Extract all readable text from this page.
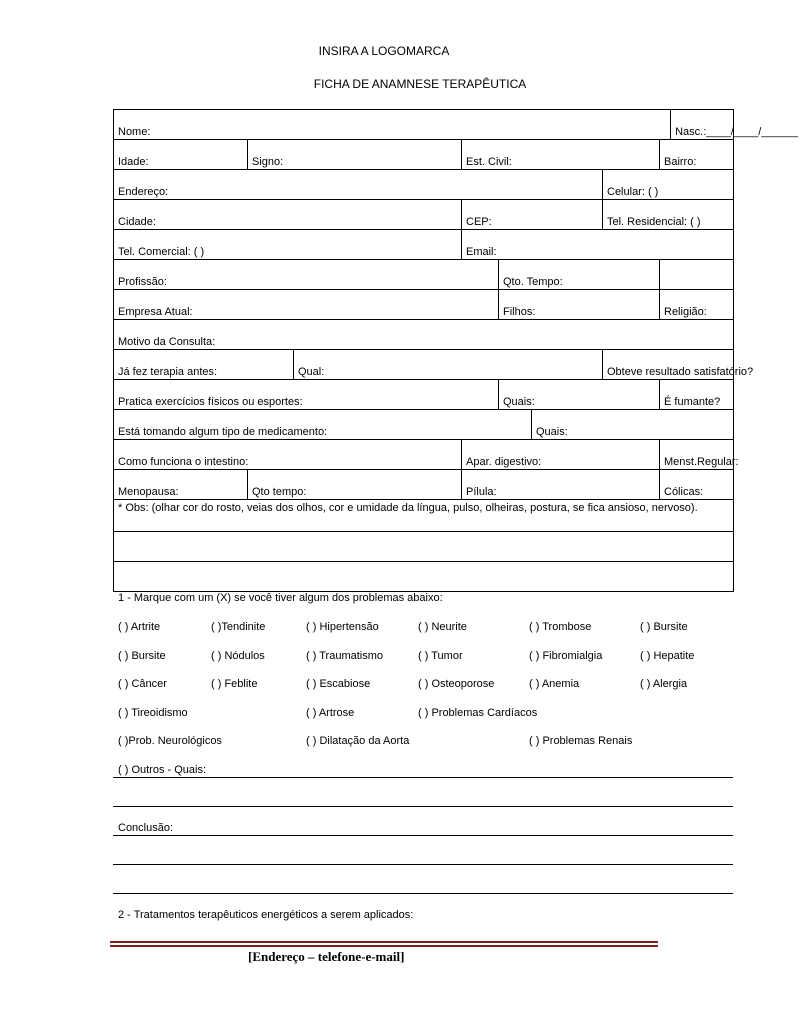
INSIRA A LOGOMARCA
FICHA DE ANAMNESE TERAPÊUTICA
Nome:								Nasc.:____/____/______
Idade:	Signo:		Est. Civil:				Bairro:	
Endereço:						Celular: ( )		
Cidade:			CEP:			Tel. Residencial: ( )		
Tel. Comercial: ( )			Email:					
Profissão:				Qto. Tempo:				
Empresa Atual:				Filhos:			Religião:	
Motivo da Consulta:								
Já fez terapia antes:		Qual:				Obteve resultado satisfatório?		
Pratica exercícios físicos ou esportes:				Quais:			É fumante?	
Está tomando algum tipo de medicamento:					Quais:			
Como funciona o intestino:			Apar. digestivo:				Menst.Regular:	
Menopausa:	Qto tempo:		Pílula:				Cólicas:	
* Obs: (olhar cor do rosto, veias dos olhos, cor e umidade da língua, pulso, olheiras, postura, se fica ansioso, nervoso).								

1 - Marque com um (X) se você tiver algum dos problemas abaixo:
( ) Artrite	( )Tendinite	( ) Hipertensão	( ) Neurite	( ) Trombose	( ) Bursite
( ) Bursite	( ) Nódulos	( ) Traumatismo	( ) Tumor	( ) Fibromialgia	( ) Hepatite
( ) Câncer	( ) Feblite	( ) Escabiose	( ) Osteoporose	( ) Anemia	( ) Alergia
( ) Tireoidismo	( ) Artrose	( ) Problemas Cardíacos
( )Prob. Neurológicos	( ) Dilatação da Aorta	( ) Problemas Renais
( ) Outros - Quais:
Conclusão:
2 - Tratamentos terapêuticos energéticos a serem aplicados:
[Endereço – telefone-e-mail]
